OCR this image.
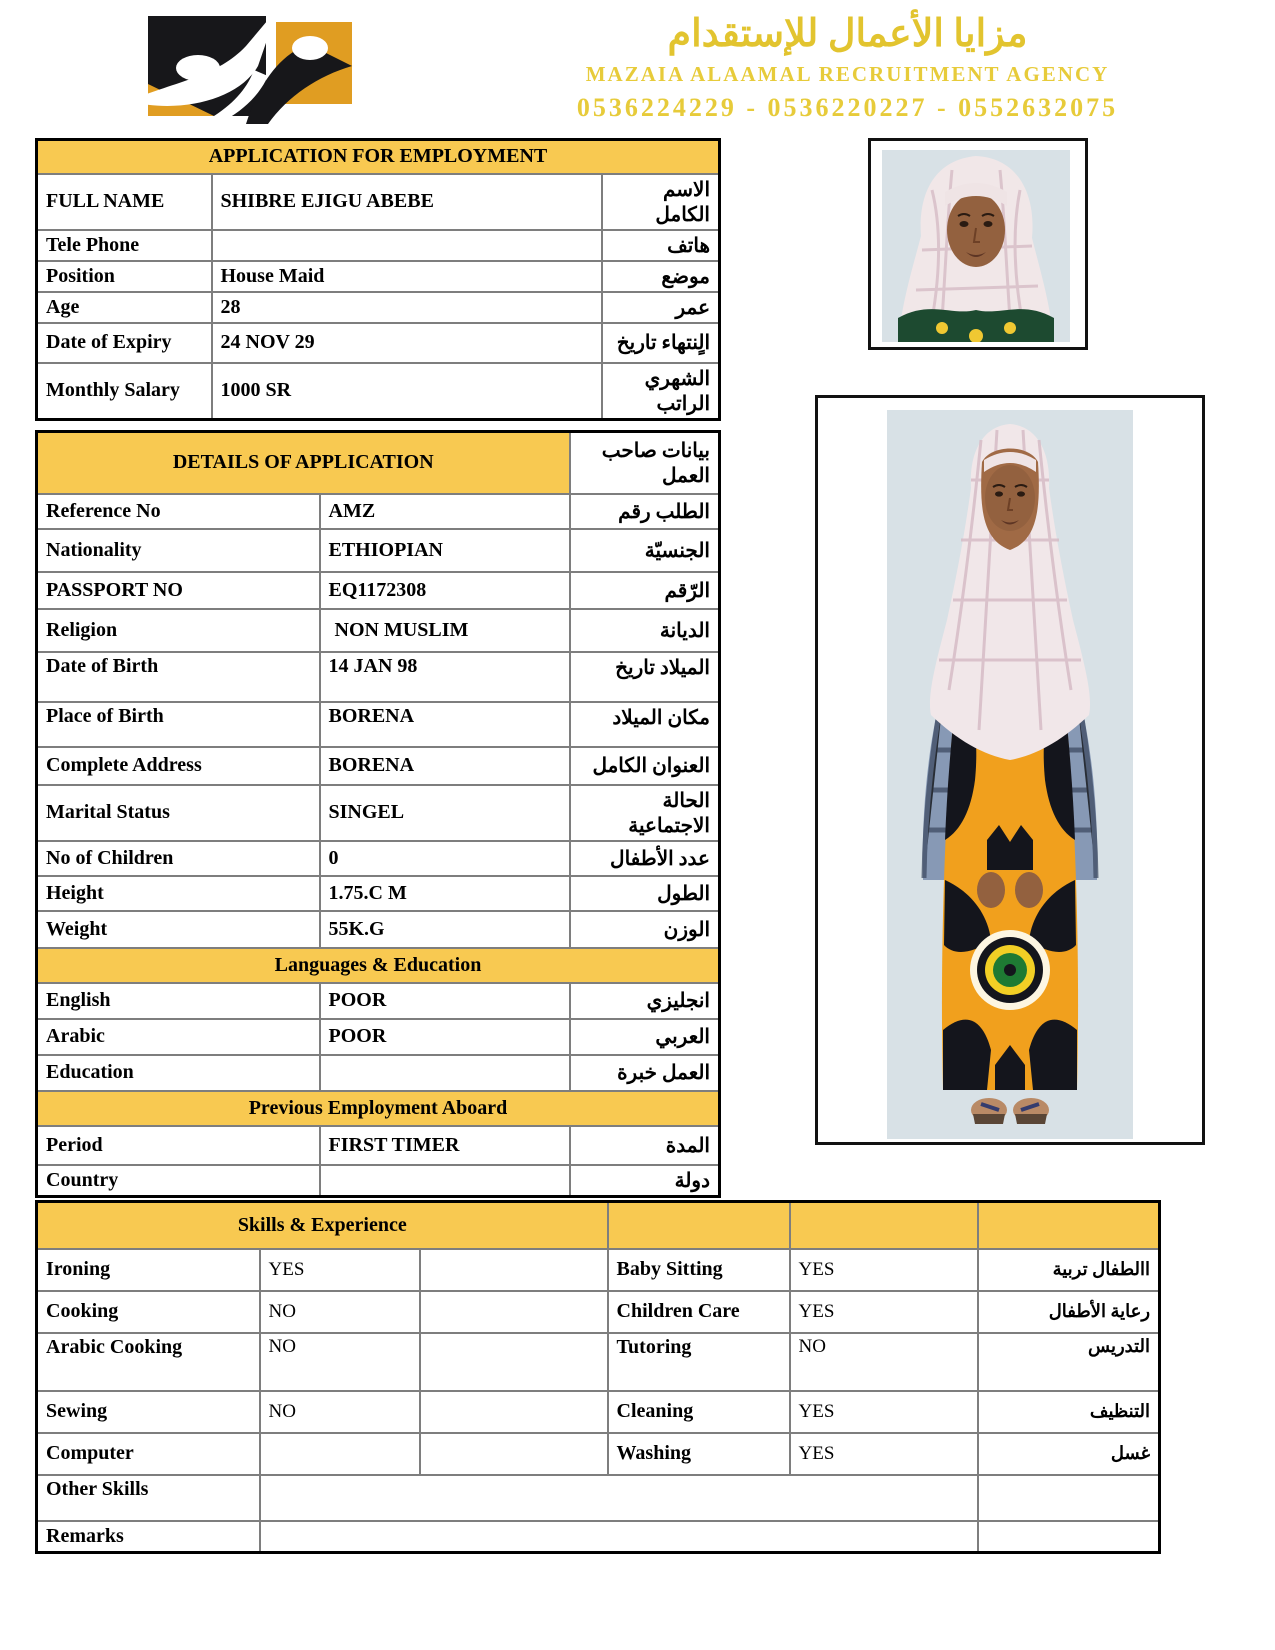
مزايا الأعمال للإستقدام
MAZAIA ALAAMAL RECRUITMENT AGENCY
0536224229 - 0536220227 - 0552632075
APPLICATION FOR EMPLOYMENT		
FULL NAME	SHIBRE EJIGU ABEBE	الاسم الكامل
Tele Phone		هاتف
Position	House Maid	موضع
Age	28	عمر
Date of Expiry	24 NOV 29	الٍنتهاء تاريخ
Monthly Salary	1000 SR	الشهري الراتب
DETAILS OF APPLICATION		بيانات صاحب العمل
Reference No	AMZ	الطلب رقم
Nationality	ETHIOPIAN	الجنسيّة
PASSPORT NO	EQ1172308	الرّقم
Religion	NON MUSLIM	الديانة
Date of Birth	14 JAN 98	الميلاد تاريخ
Place of Birth	BORENA	مكان الميلاد
Complete Address	BORENA	العنوان الكامل
Marital Status	SINGEL	الحالة الاجتماعية
No of Children	0	عدد الأطفال
Height	1.75.C M	الطول
Weight	55K.G	الوزن
Languages & Education		
English	POOR	انجليزي
Arabic	POOR	العربي
Education		العمل خبرة
Previous Employment Aboard		
Period	FIRST TIMER	المدة
Country		دولة
Skills & Experience					
Ironing	YES		Baby Sitting	YES	االطفال تربية
Cooking	NO		Children Care	YES	رعاية الأطفال
Arabic Cooking	NO		Tutoring	NO	التدريس
Sewing	NO		Cleaning	YES	التنظيف
Computer			Washing	YES	غسل
Other Skills					
Remarks					
